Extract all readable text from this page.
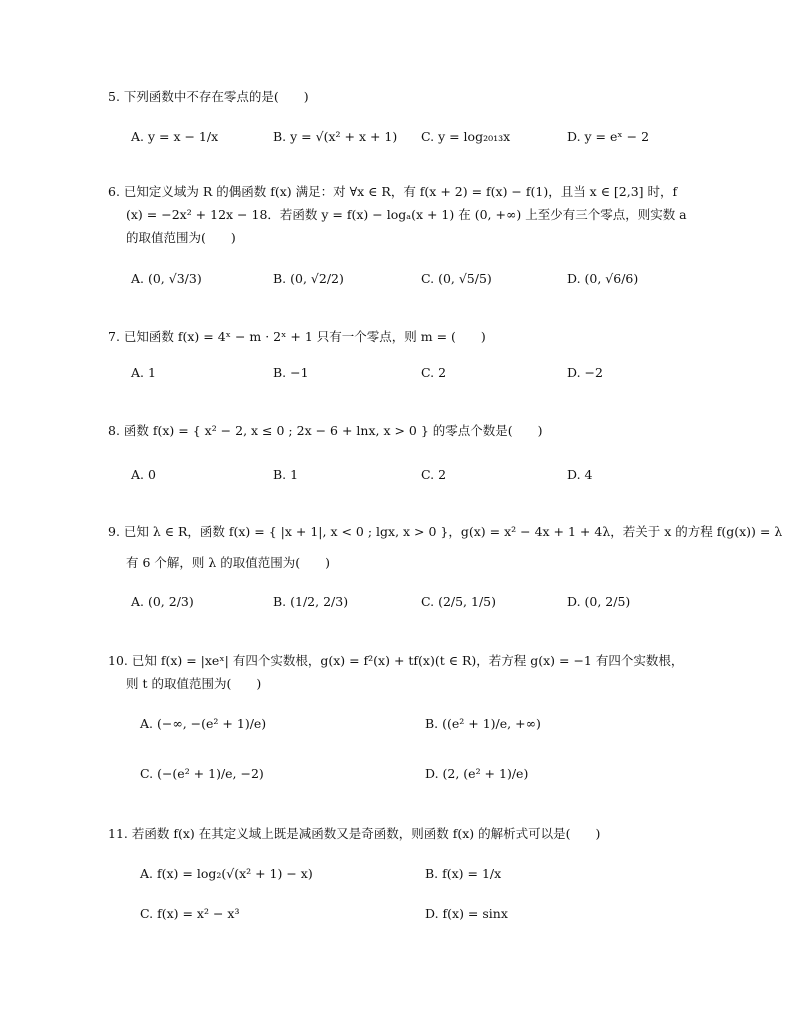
5. 下列函数中不存在零点的是(　　)
A. y = x − 1/x	B. y = √(x² + x + 1) C. y = log₂₀₁₃x	D. y = eˣ − 2
6. 已知定义域为 R 的偶函数 f(x) 满足：对 ∀x ∈ R，有 f(x + 2) = f(x) − f(1)，且当 x ∈ [2,3] 时，f
(x) = −2x² + 12x − 18．若函数 y = f(x) − logₐ(x + 1) 在 (0, +∞) 上至少有三个零点，则实数 a
的取值范围为(　　)
A. (0, √3/3)	B. (0, √2/2)	C. (0, √5/5)	D. (0, √6/6)
7. 已知函数 f(x) = 4ˣ − m · 2ˣ + 1 只有一个零点，则 m = (　　)
A. 1	B. −1	C. 2	D. −2
8. 函数 f(x) = { x² − 2, x ≤ 0 ; 2x − 6 + lnx, x > 0 } 的零点个数是(　　)
A. 0	B. 1	C. 2	D. 4
9. 已知 λ ∈ R，函数 f(x) = { |x + 1|, x < 0 ; lgx, x > 0 }，g(x) = x² − 4x + 1 + 4λ，若关于 x 的方程 f(g(x)) = λ
有 6 个解，则 λ 的取值范围为(　　)
A. (0, 2/3)	B. (1/2, 2/3)	C. (2/5, 1/5)	D. (0, 2/5)
10. 已知 f(x) = |xeˣ| 有四个实数根，g(x) = f²(x) + tf(x)(t ∈ R)，若方程 g(x) = −1 有四个实数根，
则 t 的取值范围为(　　)
A. (−∞, −(e² + 1)/e)	B. ((e² + 1)/e, +∞)
C. (−(e² + 1)/e, −2)	D. (2, (e² + 1)/e)
11. 若函数 f(x) 在其定义域上既是减函数又是奇函数，则函数 f(x) 的解析式可以是(　　)
A. f(x) = log₂(√(x² + 1) − x)	B. f(x) = 1/x
C. f(x) = x² − x³	D. f(x) = sinx
